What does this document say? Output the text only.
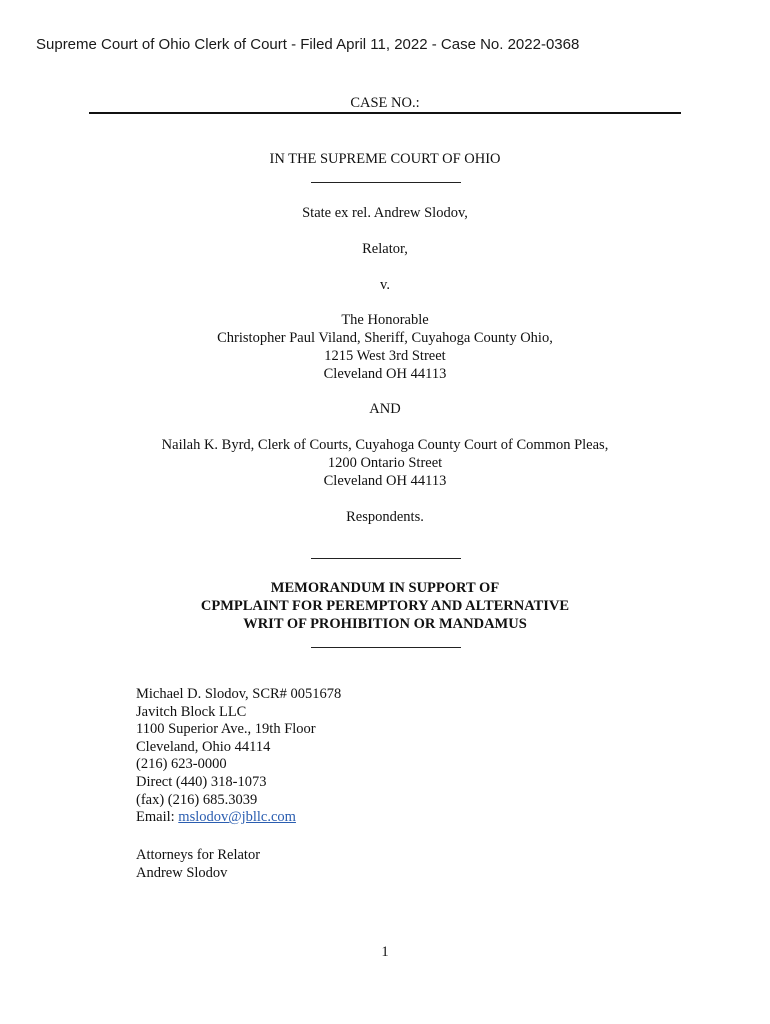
Supreme Court of Ohio Clerk of Court - Filed April 11, 2022 - Case No. 2022-0368
CASE NO.:
IN THE SUPREME COURT OF OHIO
State ex rel. Andrew Slodov,
Relator,
v.
The Honorable
Christopher Paul Viland, Sheriff, Cuyahoga County Ohio,
1215 West 3rd Street
Cleveland OH 44113
AND
Nailah K. Byrd, Clerk of Courts, Cuyahoga County Court of Common Pleas,
1200 Ontario Street
Cleveland OH 44113
Respondents.
MEMORANDUM IN SUPPORT OF
CPMPLAINT FOR PEREMPTORY AND ALTERNATIVE
WRIT OF PROHIBITION OR MANDAMUS
Michael D. Slodov, SCR# 0051678
Javitch Block LLC
1100 Superior Ave., 19th Floor
Cleveland, Ohio 44114
(216) 623-0000
Direct (440) 318-1073
(fax) (216) 685.3039
Email: mslodov@jbllc.com
Attorneys for Relator
Andrew Slodov
1
